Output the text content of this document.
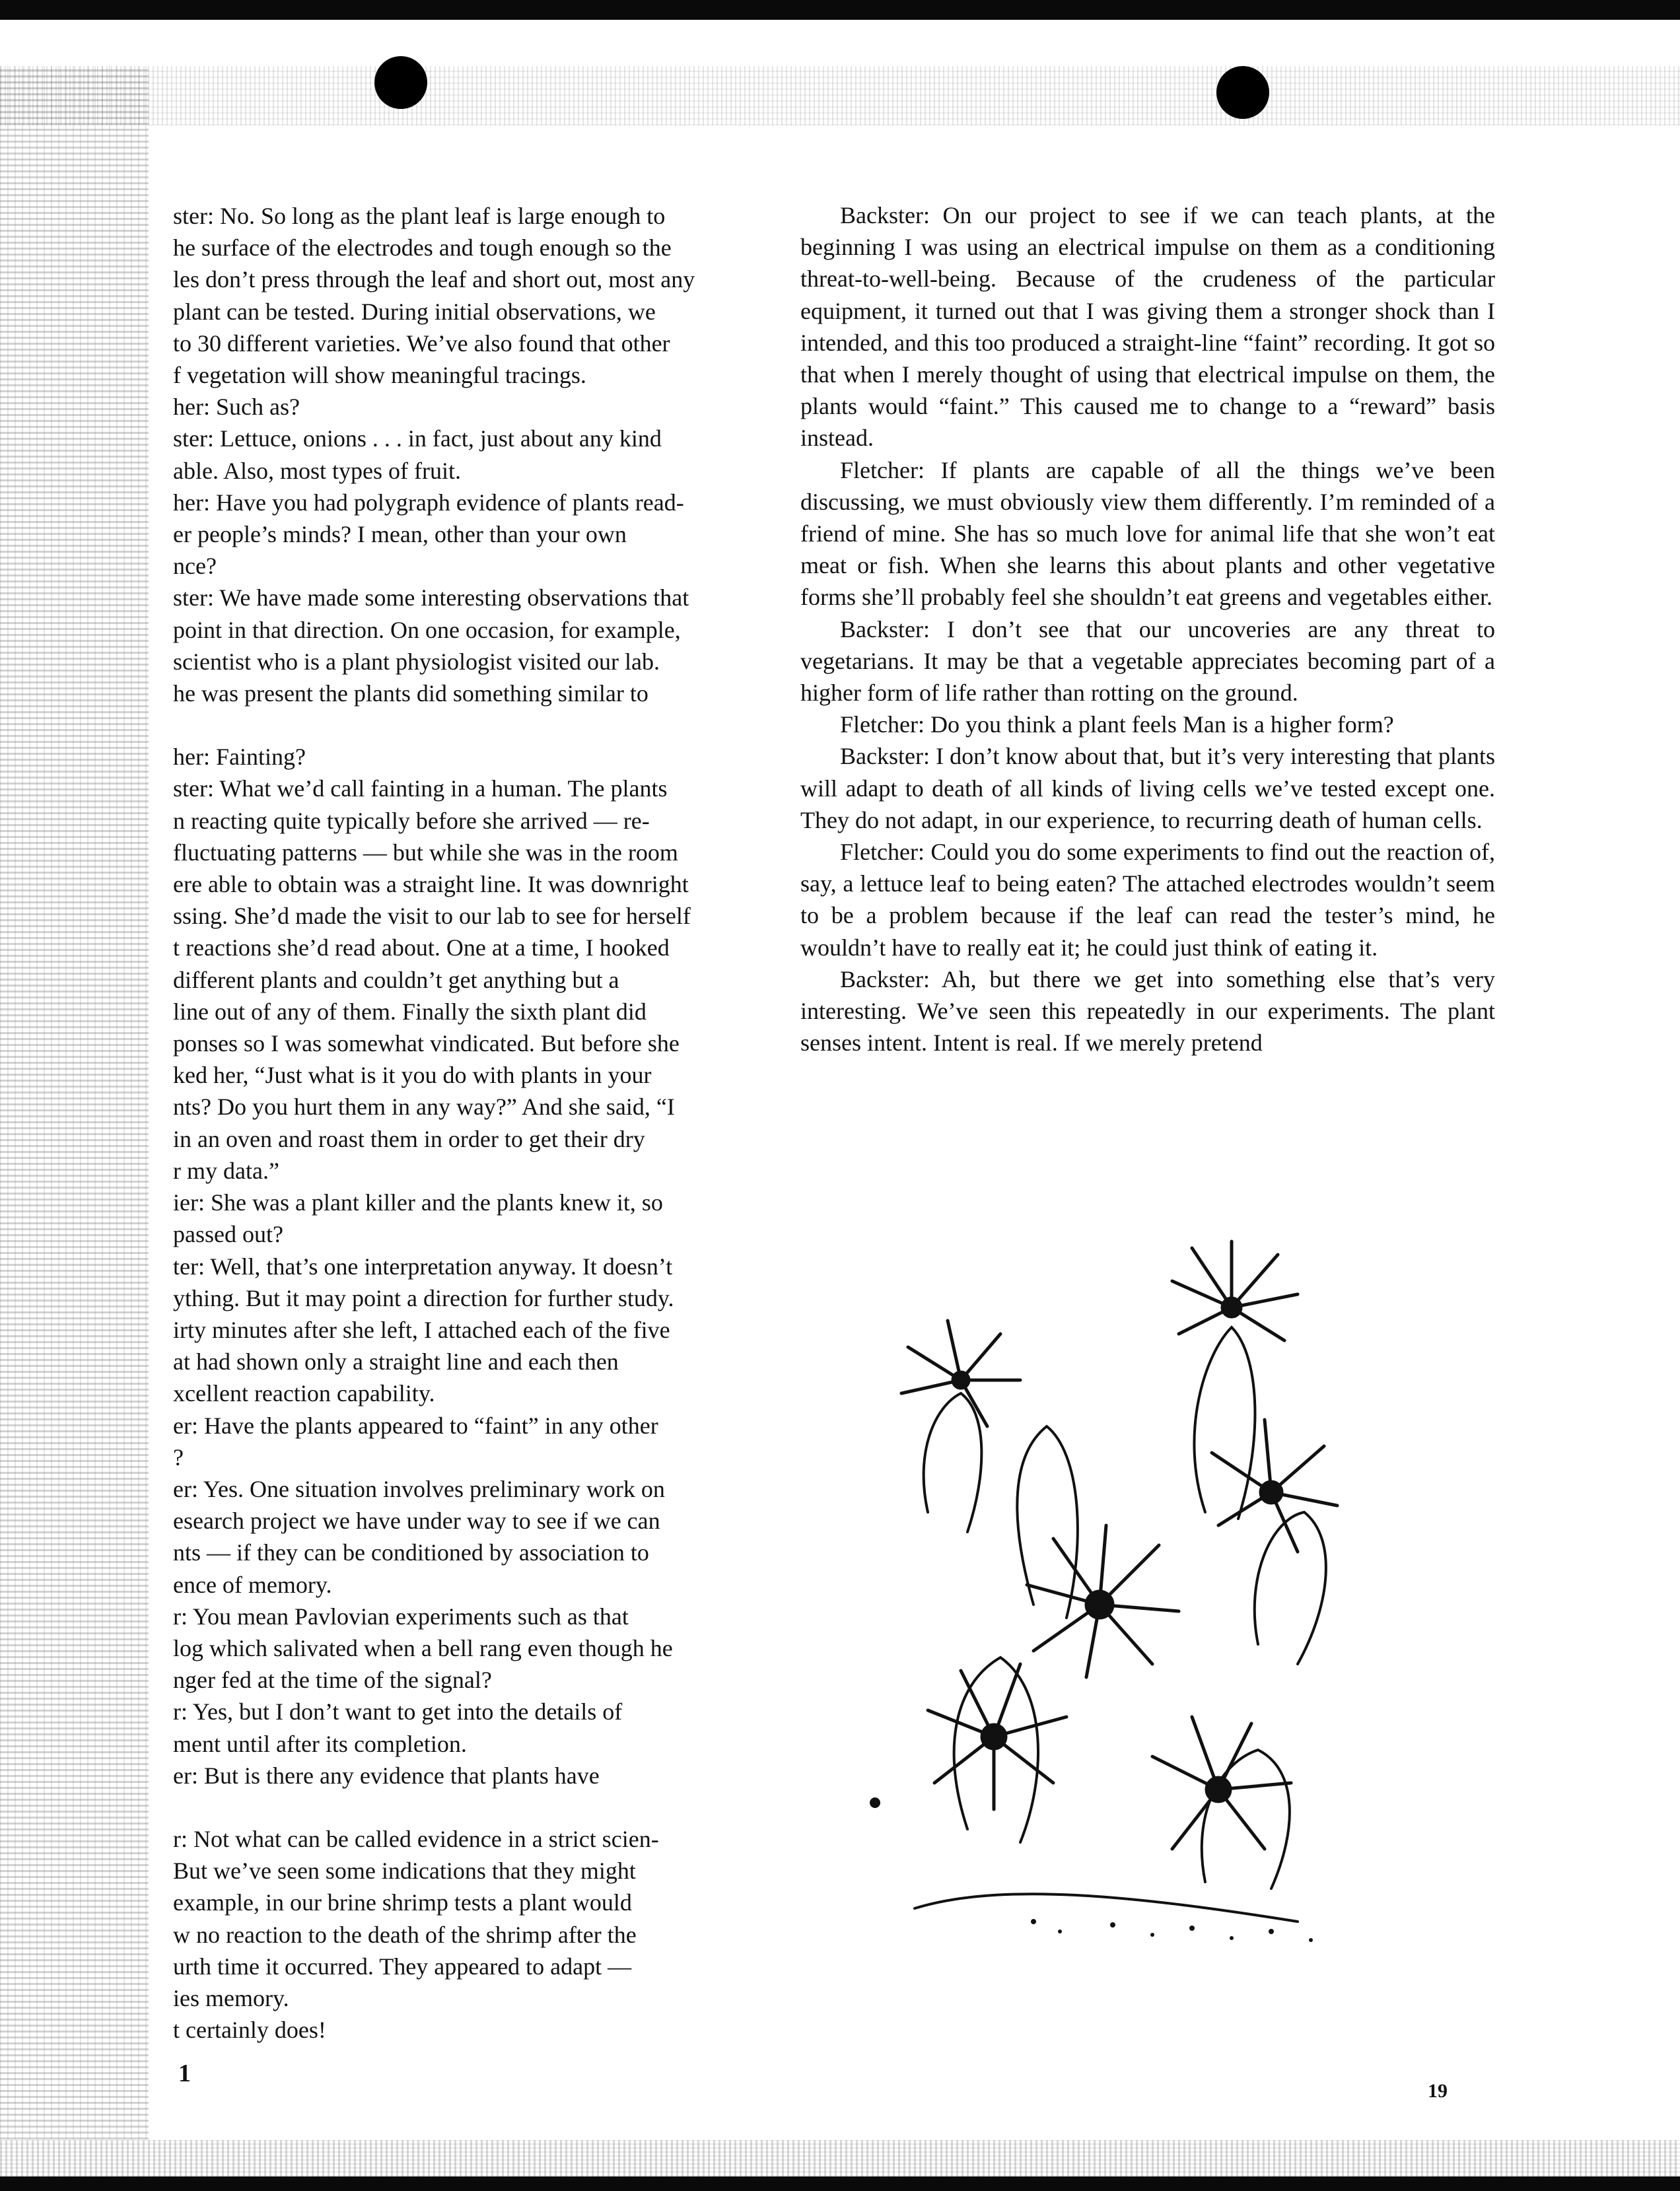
ster: No. So long as the plant leaf is large enough to

he surface of the electrodes and tough enough so the

les don’t press through the leaf and short out, most any

plant can be tested. During initial observations, we

to 30 different varieties. We’ve also found that other

f vegetation will show meaningful tracings.

her: Such as?

ster: Lettuce, onions . . . in fact, just about any kind

able. Also, most types of fruit.

her: Have you had polygraph evidence of plants read-

er people’s minds? I mean, other than your own

nce?

ster: We have made some interesting observations that

point in that direction. On one occasion, for example,

scientist who is a plant physiologist visited our lab.

he was present the plants did something similar to

her: Fainting?

ster: What we’d call fainting in a human. The plants

n reacting quite typically before she arrived — re-

fluctuating patterns — but while she was in the room

ere able to obtain was a straight line. It was downright

ssing. She’d made the visit to our lab to see for herself

t reactions she’d read about. One at a time, I hooked

different plants and couldn’t get anything but a

line out of any of them. Finally the sixth plant did

ponses so I was somewhat vindicated. But before she

ked her, “Just what is it you do with plants in your

nts? Do you hurt them in any way?” And she said, “I

in an oven and roast them in order to get their dry

r my data.”

ier: She was a plant killer and the plants knew it, so

passed out?

ter: Well, that’s one interpretation anyway. It doesn’t

ything. But it may point a direction for further study.

irty minutes after she left, I attached each of the five

at had shown only a straight line and each then

xcellent reaction capability.

er: Have the plants appeared to “faint” in any other

?

er: Yes. One situation involves preliminary work on

esearch project we have under way to see if we can

nts — if they can be conditioned by association to

ence of memory.

r: You mean Pavlovian experiments such as that

log which salivated when a bell rang even though he

nger fed at the time of the signal?

r: Yes, but I don’t want to get into the details of

ment until after its completion.

er: But is there any evidence that plants have

r: Not what can be called evidence in a strict scien-

But we’ve seen some indications that they might

example, in our brine shrimp tests a plant would

w no reaction to the death of the shrimp after the

urth time it occurred. They appeared to adapt —

ies memory.

t certainly does!

Backster: On our project to see if we can teach plants, at the beginning I was using an electrical impulse on them as a conditioning threat-to-well-being. Because of the crudeness of the particular equipment, it turned out that I was giving them a stronger shock than I intended, and this too produced a straight-line “faint” recording. It got so that when I merely thought of using that electrical impulse on them, the plants would “faint.” This caused me to change to a “reward” basis instead.

Fletcher: If plants are capable of all the things we’ve been discussing, we must obviously view them differently. I’m reminded of a friend of mine. She has so much love for animal life that she won’t eat meat or fish. When she learns this about plants and other vegetative forms she’ll probably feel she shouldn’t eat greens and vegetables either.

Backster: I don’t see that our uncoveries are any threat to vegetarians. It may be that a vegetable appreciates becoming part of a higher form of life rather than rotting on the ground.

Fletcher: Do you think a plant feels Man is a higher form?

Backster: I don’t know about that, but it’s very interesting that plants will adapt to death of all kinds of living cells we’ve tested except one. They do not adapt, in our experience, to recurring death of human cells.

Fletcher: Could you do some experiments to find out the reaction of, say, a lettuce leaf to being eaten? The attached electrodes wouldn’t seem to be a problem because if the leaf can read the tester’s mind, he wouldn’t have to really eat it; he could just think of eating it.

Backster: Ah, but there we get into something else that’s very interesting. We’ve seen this repeatedly in our experiments. The plant senses intent. Intent is real. If we merely pretend

1
19
